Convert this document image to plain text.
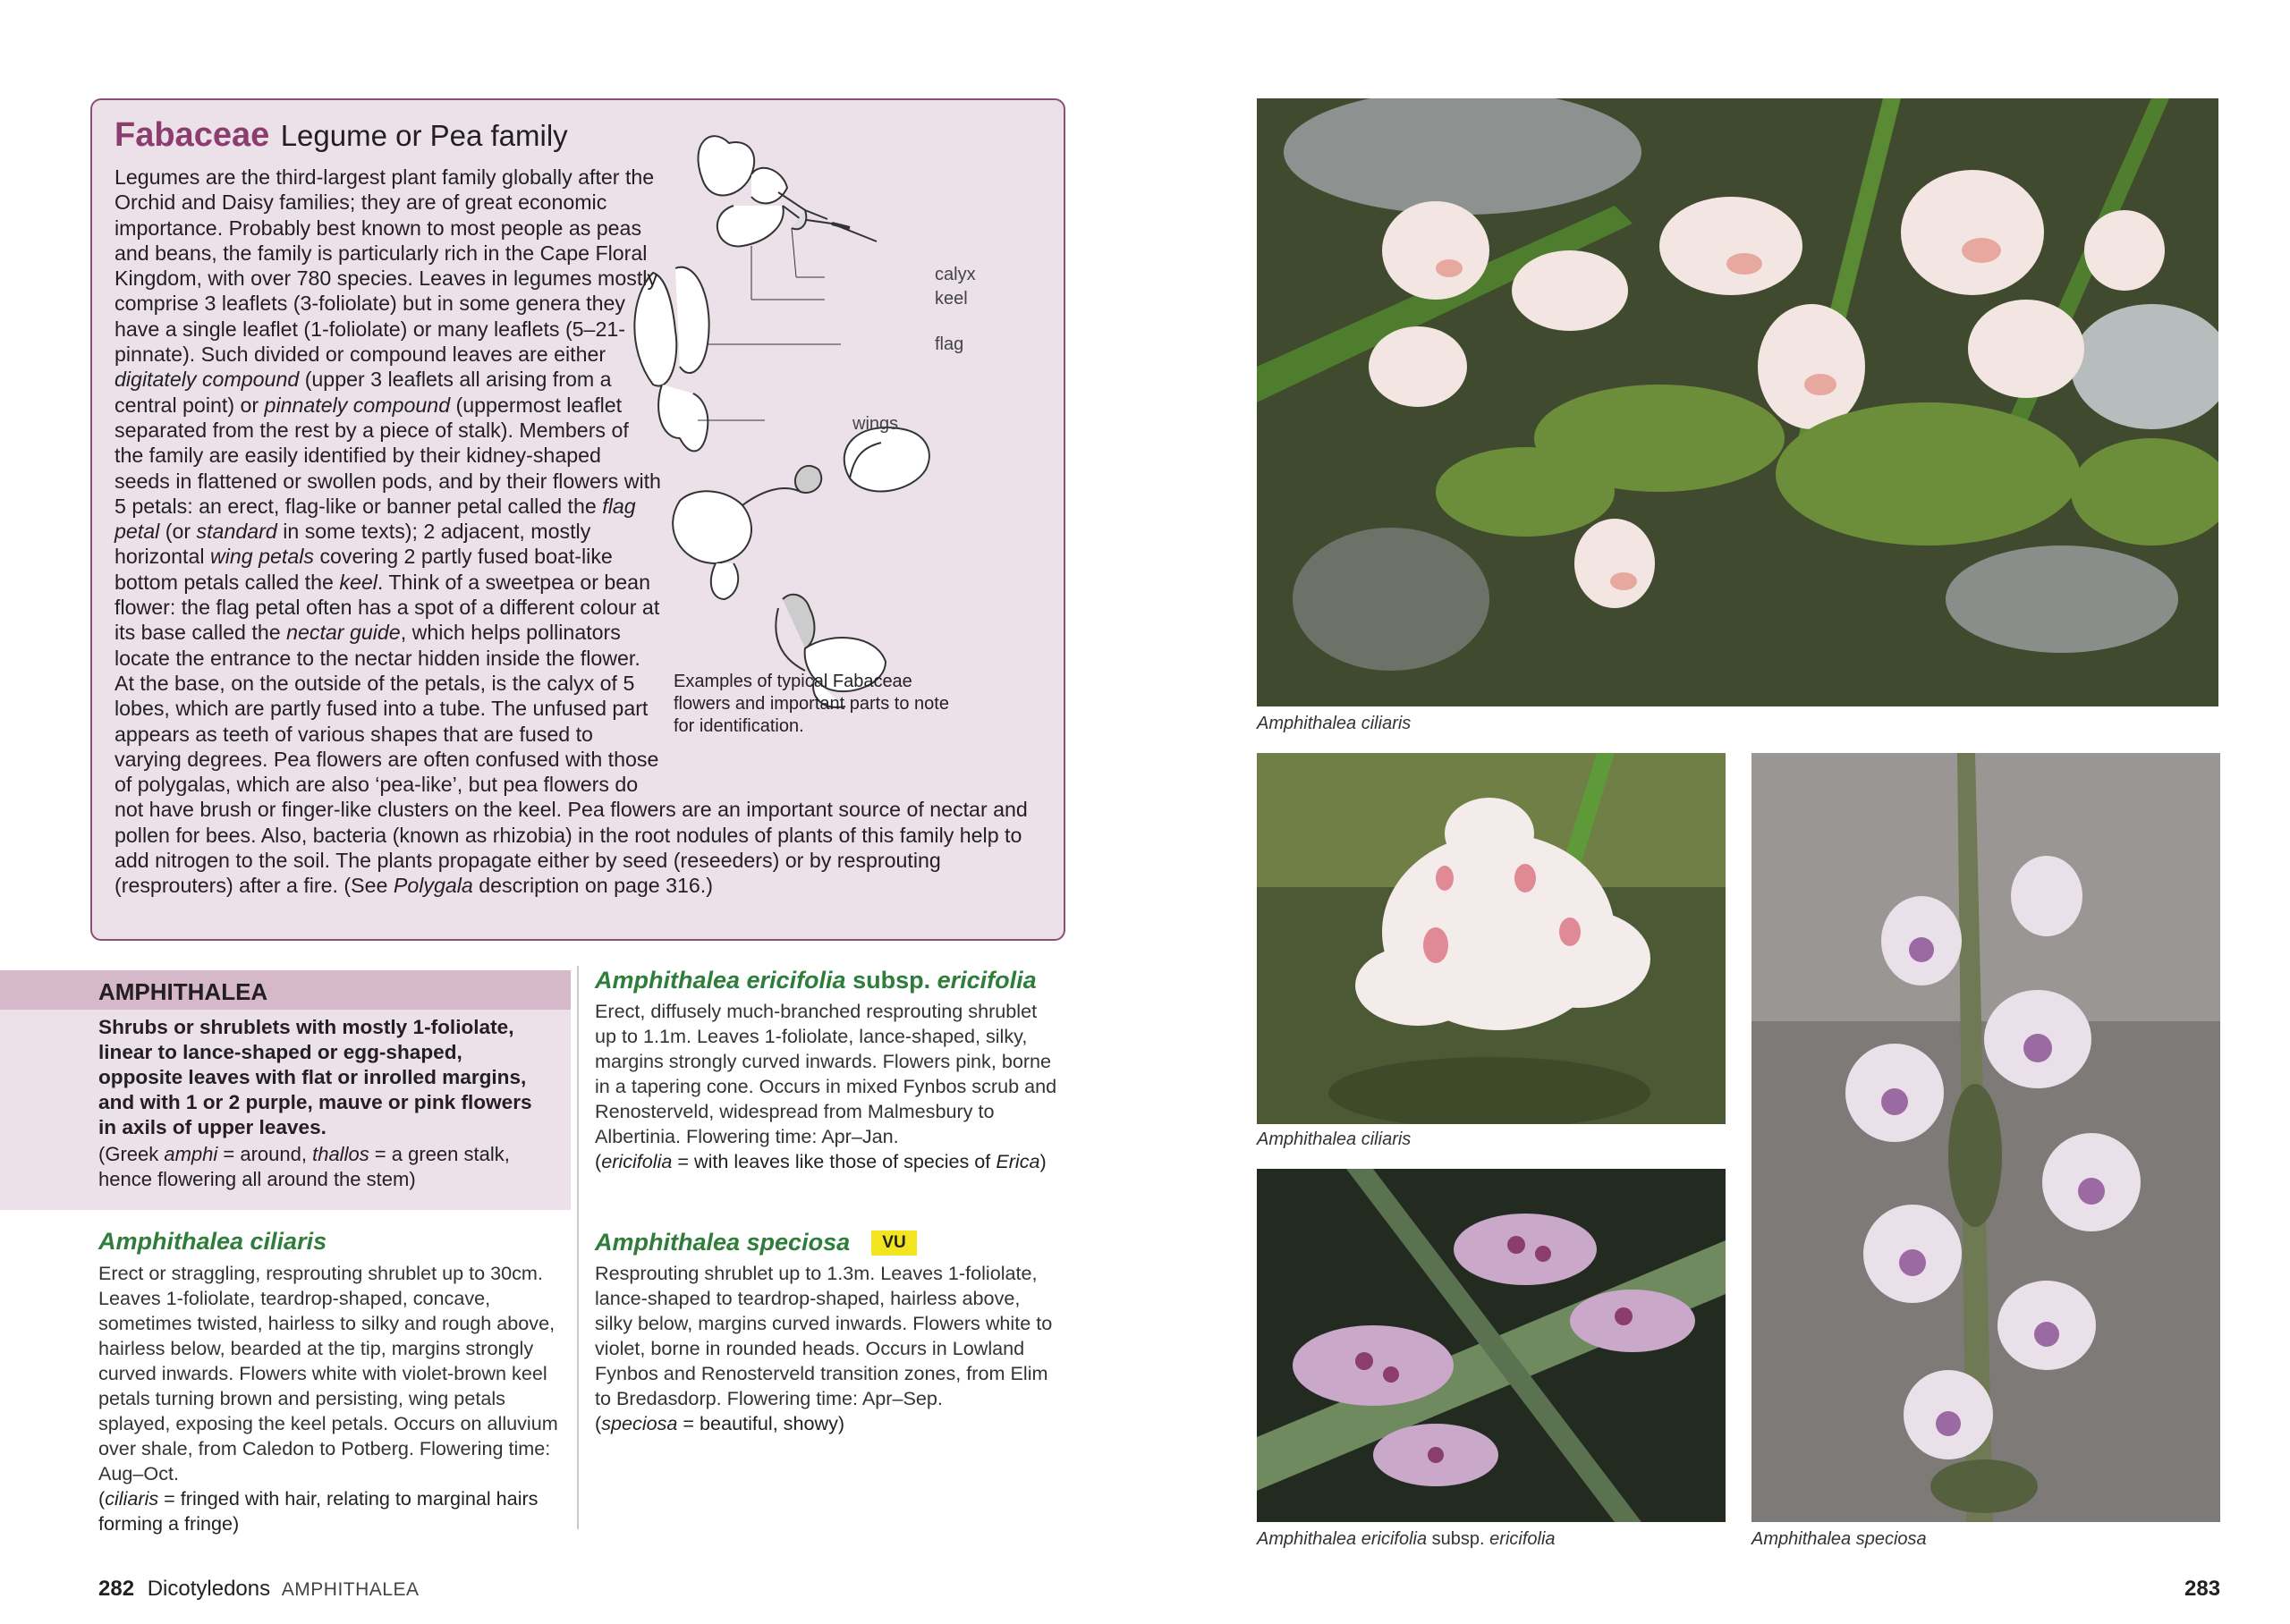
Fabaceae Legume or Pea family
calyx
keel
flag
wings
Examples of typical Fabaceae flowers and important parts to note for identification.

Legumes are the third-largest plant family globally after the Orchid and Daisy families; they are of great economic importance. Probably best known to most people as peas and beans, the family is particularly rich in the Cape Floral Kingdom, with over 780 species. Leaves in legumes mostly comprise 3 leaflets (3-foliolate) but in some genera they have a single leaflet (1-foliolate) or many leaflets (5–21-pinnate). Such divided or compound leaves are either digitately compound (upper 3 leaflets all arising from a central point) or pinnately compound (uppermost leaflet separated from the rest by a piece of stalk). Members of the family are easily identified by their kidney-shaped seeds in flattened or swollen pods, and by their flowers with 5 petals: an erect, flag-like or banner petal called the flag petal (or standard in some texts); 2 adjacent, mostly horizontal wing petals covering 2 partly fused boat-like bottom petals called the keel. Think of a sweetpea or bean flower: the flag petal often has a spot of a different colour at its base called the nectar guide, which helps pollinators locate the entrance to the nectar hidden inside the flower. At the base, on the outside of the petals, is the calyx of 5 lobes, which are partly fused into a tube. The unfused part appears as teeth of various shapes that are fused to varying degrees. Pea flowers are often confused with those of polygalas, which are also ‘pea-like’, but pea flowers do not have brush or finger-like clusters on the keel. Pea flowers are an important source of nectar and pollen for bees. Also, bacteria (known as rhizobia) in the root nodules of plants of this family help to add nitrogen to the soil. The plants propagate either by seed (reseeders) or by resprouting (resprouters) after a fire. (See Polygala description on page 316.)

AMPHITHALEA

Shrubs or shrublets with mostly 1-foliolate, linear to lance-shaped or egg-shaped, opposite leaves with flat or inrolled margins, and with 1 or 2 purple, mauve or pink flowers in axils of upper leaves.

(Greek amphi = around, thallos = a green stalk, hence flowering all around the stem)

Amphithalea ciliaris

Erect or straggling, resprouting shrublet up to 30cm. Leaves 1-foliolate, teardrop-shaped, concave, sometimes twisted, hairless to silky and rough above, hairless below, bearded at the tip, margins strongly curved inwards. Flowers white with violet-brown keel petals turning brown and persisting, wing petals splayed, exposing the keel petals. Occurs on alluvium over shale, from Caledon to Potberg. Flowering time: Aug–Oct.

(ciliaris = fringed with hair, relating to marginal hairs forming a fringe)

Amphithalea ericifolia subsp. ericifolia

Erect, diffusely much-branched resprouting shrublet up to 1.1m. Leaves 1-foliolate, lance-shaped, silky, margins strongly curved inwards. Flowers pink, borne in a tapering cone. Occurs in mixed Fynbos scrub and Renosterveld, widespread from Malmesbury to Albertinia. Flowering time: Apr–Jan.

(ericifolia = with leaves like those of species of Erica)

Amphithalea speciosa	VU

Resprouting shrublet up to 1.3m. Leaves 1-foliolate, lance-shaped to teardrop-shaped, hairless above, silky below, margins curved inwards. Flowers white to violet, borne in rounded heads. Occurs in Lowland Fynbos and Renosterveld transition zones, from Elim to Bredasdorp. Flowering time: Apr–Sep.

(speciosa = beautiful, showy)

282 Dicotyledons AMPHITHALEA	283
Amphithalea ciliaris
Amphithalea ciliaris
Amphithalea ericifolia subsp. ericifolia	Amphithalea speciosa
